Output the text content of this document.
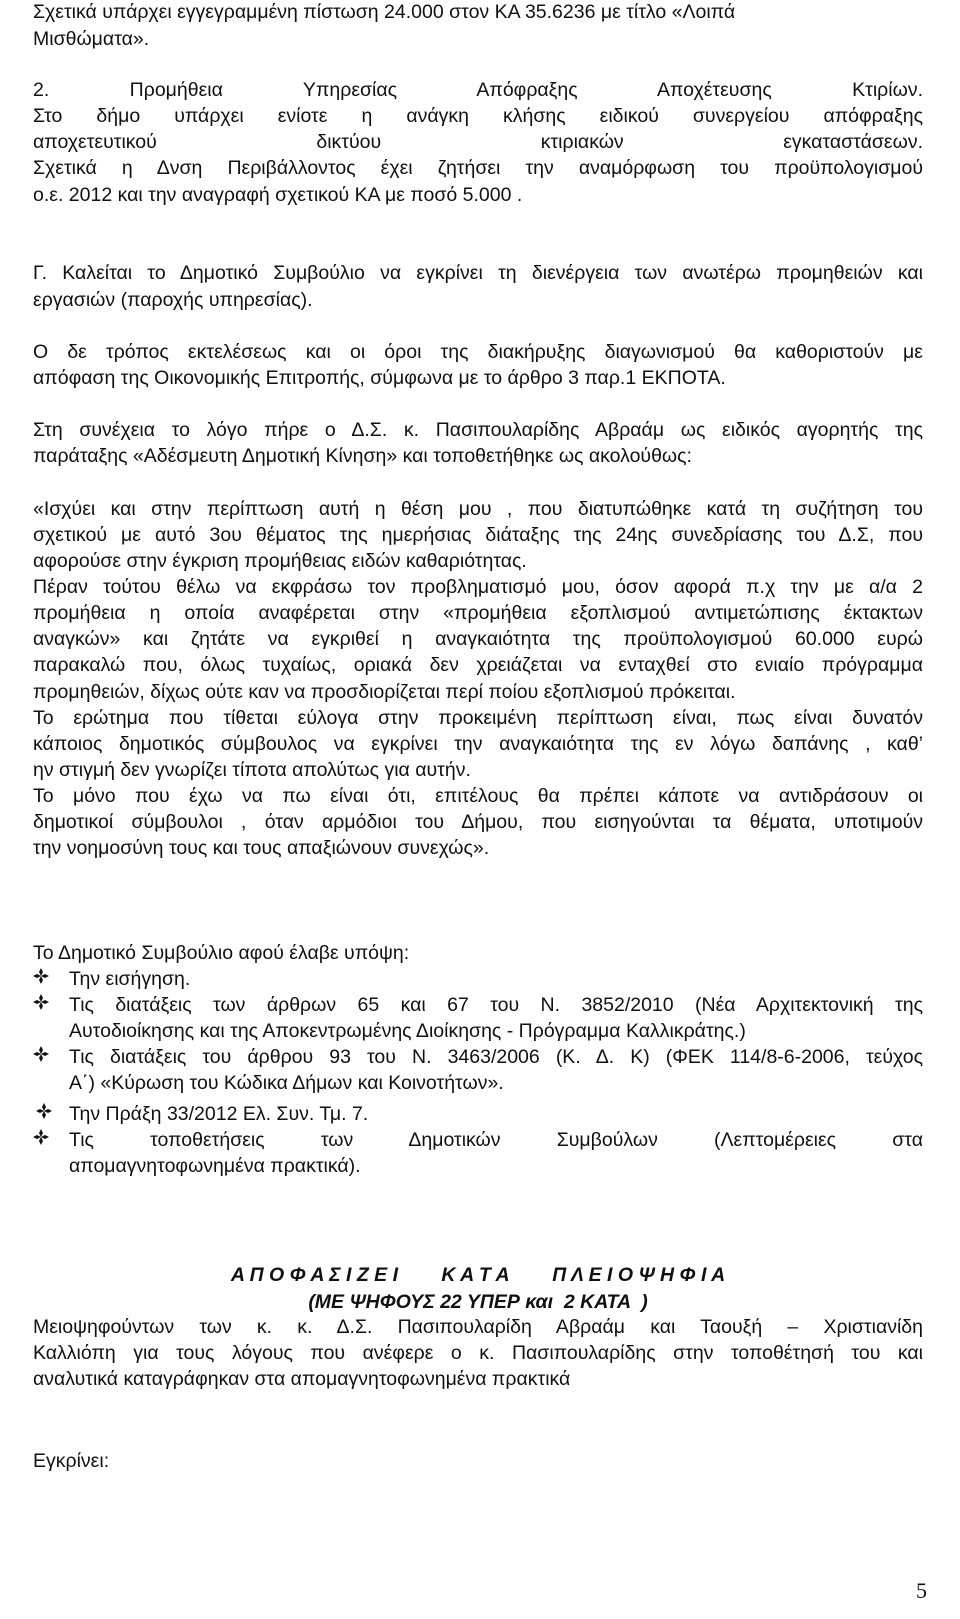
Σχετικά υπάρχει εγγεγραμμένη πίστωση 24.000 στον ΚΑ 35.6236 με τίτλο «Λοιπά

Μισθώματα».

2. Προμήθεια Υπηρεσίας Απόφραξης Αποχέτευσης Κτιρίων.

Στο δήμο υπάρχει ενίοτε η ανάγκη κλήσης ειδικού συνεργείου απόφραξης

αποχετευτικού δικτύου κτιριακών εγκαταστάσεων.

Σχετικά η Δνση Περιβάλλοντος έχει ζητήσει την αναμόρφωση του προϋπολογισμού

ο.ε. 2012 και την αναγραφή σχετικού ΚΑ με ποσό 5.000 .

Γ. Καλείται το Δημοτικό Συμβούλιο να εγκρίνει τη διενέργεια των ανωτέρω προμηθειών και

εργασιών (παροχής υπηρεσίας).

Ο δε τρόπος εκτελέσεως και οι όροι της διακήρυξης διαγωνισμού θα καθοριστούν με

απόφαση της Οικονομικής Επιτροπής, σύμφωνα με το άρθρο 3 παρ.1 ΕΚΠΟΤΑ.

Στη συνέχεια το λόγο πήρε ο Δ.Σ. κ. Πασιπουλαρίδης Αβραάμ ως ειδικός αγορητής της

παράταξης «Αδέσμευτη Δημοτική Κίνηση» και τοποθετήθηκε ως ακολούθως:

«Ισχύει και στην περίπτωση αυτή η θέση μου , που διατυπώθηκε κατά τη συζήτηση του

σχετικού με αυτό 3ου θέματος της ημερήσιας διάταξης της 24ης συνεδρίασης του Δ.Σ, που

αφορούσε στην έγκριση προμήθειας ειδών καθαριότητας.

Πέραν τούτου θέλω να εκφράσω τον προβληματισμό μου, όσον αφορά π.χ την με α/α 2

προμήθεια η οποία αναφέρεται στην «προμήθεια εξοπλισμού αντιμετώπισης έκτακτων

αναγκών» και ζητάτε να εγκριθεί η αναγκαιότητα της προϋπολογισμού 60.000 ευρώ

παρακαλώ που, όλως τυχαίως, οριακά δεν χρειάζεται να ενταχθεί στο ενιαίο πρόγραμμα

προμηθειών, δίχως ούτε καν να προσδιορίζεται περί ποίου εξοπλισμού πρόκειται.

Το ερώτημα που τίθεται εύλογα στην προκειμένη περίπτωση είναι, πως είναι δυνατόν

κάποιος δημοτικός σύμβουλος να εγκρίνει την αναγκαιότητα της εν λόγω δαπάνης , καθ’

ην στιγμή δεν γνωρίζει τίποτα απολύτως για αυτήν.

Το μόνο που έχω να πω είναι ότι, επιτέλους θα πρέπει κάποτε να αντιδράσουν οι

δημοτικοί σύμβουλοι , όταν αρμόδιοι του Δήμου, που εισηγούνται τα θέματα, υποτιμούν

την νοημοσύνη τους και τους απαξιώνουν συνεχώς».

Το Δημοτικό Συμβούλιο αφού έλαβε υπόψη:

Την εισήγηση.
Τις διατάξεις των άρθρων 65 και 67 του Ν. 3852/2010 (Νέα Αρχιτεκτονική της
Αυτοδιοίκησης και της Αποκεντρωμένης Διοίκησης - Πρόγραμμα Καλλικράτης.)
Τις διατάξεις του άρθρου 93 του Ν. 3463/2006 (Κ. Δ. Κ) (ΦΕΚ 114/8-6-2006, τεύχος
Α΄) «Κύρωση του Κώδικα Δήμων και Κοινοτήτων».
Την Πράξη 33/2012 Ελ. Συν. Τμ. 7.
Τις τοποθετήσεις των Δημοτικών Συμβούλων (Λεπτομέρειες στα
απομαγνητοφωνημένα πρακτικά).

Α Π Ο Φ Α Σ Ι Ζ Ε Ι        Κ Α Τ Α        Π Λ Ε Ι Ο Ψ Η Φ Ι Α

(ΜΕ ΨΗΦΟΥΣ 22 ΥΠΕΡ και  2 ΚΑΤΑ  )

Μειοψηφούντων των κ. κ. Δ.Σ. Πασιπουλαρίδη Αβραάμ και Ταουξή – Χριστιανίδη

Καλλιόπη για τους λόγους που ανέφερε ο κ. Πασιπουλαρίδης στην τοποθέτησή του και

αναλυτικά καταγράφηκαν στα απομαγνητοφωνημένα πρακτικά

Εγκρίνει:

5
